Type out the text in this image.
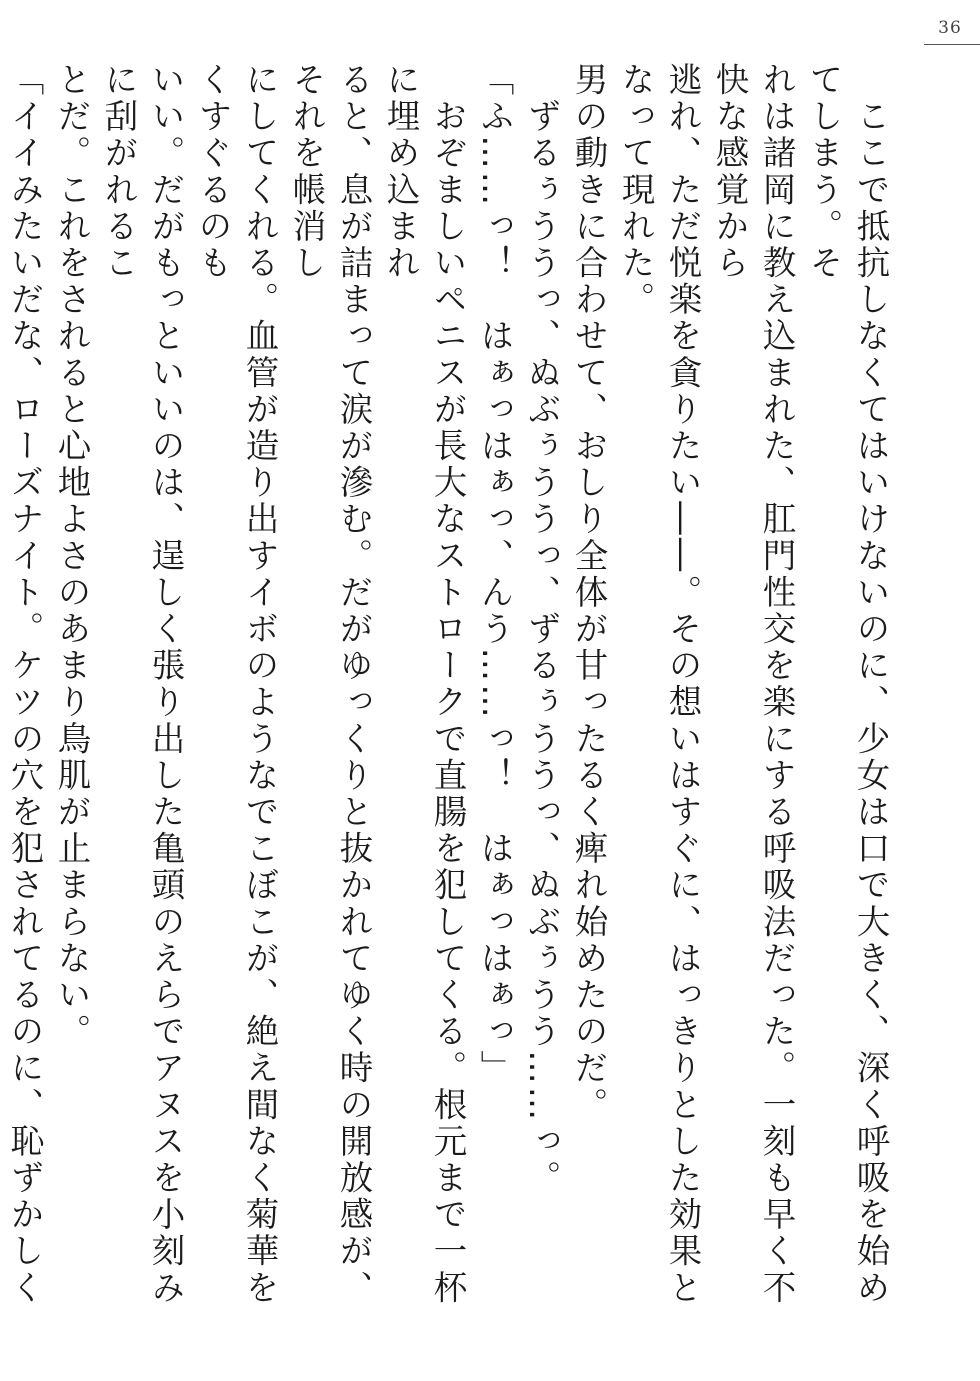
36

　ここで抵抗しなくてはいけないのに、少女は口で大きく、深く呼吸を始めてしまう。そ

れは諸岡に教え込まれた、肛門性交を楽にする呼吸法だった。一刻も早く不快な感覚から

逃れ、ただ悦楽を貪りたい――。その想いはすぐに、はっきりとした効果となって現れた。

男の動きに合わせて、おしり全体が甘ったるく痺れ始めたのだ。

　ずるぅううっ、ぬぶぅううっ、ずるぅううっ、ぬぶぅうう……っ。

「ふ……っ！　はぁっはぁっ、んう……っ！　はぁっはぁっ」

　おぞましいペニスが長大なストロークで直腸を犯してくる。根元まで一杯に埋め込まれ

ると、息が詰まって涙が滲む。だがゆっくりと抜かれてゆく時の開放感が、それを帳消し

にしてくれる。血管が造り出すイボのようなでこぼこが、絶え間なく菊華をくすぐるのも

いい。だがもっといいのは、逞しく張り出した亀頭のえらでアヌスを小刻みに刮がれるこ

とだ。これをされると心地よさのあまり鳥肌が止まらない。

「イイみたいだな、ローズナイト。ケツの穴を犯されてるのに、恥ずかしく
